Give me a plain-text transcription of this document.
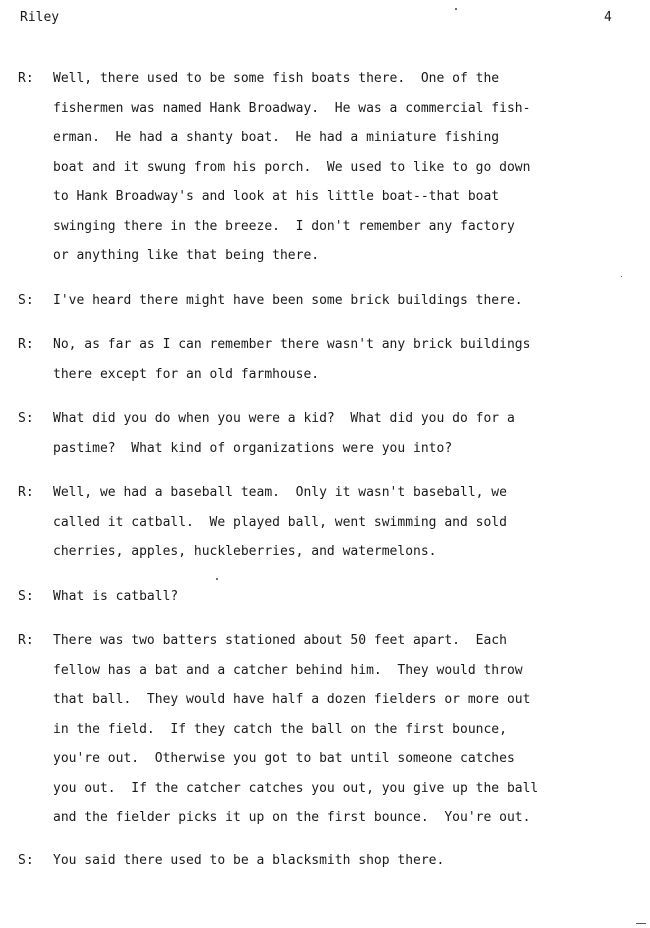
Riley	4
R: Well, there used to be some fish boats there.  One of the
fishermen was named Hank Broadway.  He was a commercial fish-
erman.  He had a shanty boat.  He had a miniature fishing
boat and it swung from his porch.  We used to like to go down
to Hank Broadway's and look at his little boat--that boat
swinging there in the breeze.  I don't remember any factory
or anything like that being there.
S: I've heard there might have been some brick buildings there.
R: No, as far as I can remember there wasn't any brick buildings
there except for an old farmhouse.
S: What did you do when you were a kid?  What did you do for a
pastime?  What kind of organizations were you into?
R: Well, we had a baseball team.  Only it wasn't baseball, we
called it catball.  We played ball, went swimming and sold
cherries, apples, huckleberries, and watermelons.
S: What is catball?
R: There was two batters stationed about 50 feet apart.  Each
fellow has a bat and a catcher behind him.  They would throw
that ball.  They would have half a dozen fielders or more out
in the field.  If they catch the ball on the first bounce,
you're out.  Otherwise you got to bat until someone catches
you out.  If the catcher catches you out, you give up the ball
and the fielder picks it up on the first bounce.  You're out.
S: You said there used to be a blacksmith shop there.
